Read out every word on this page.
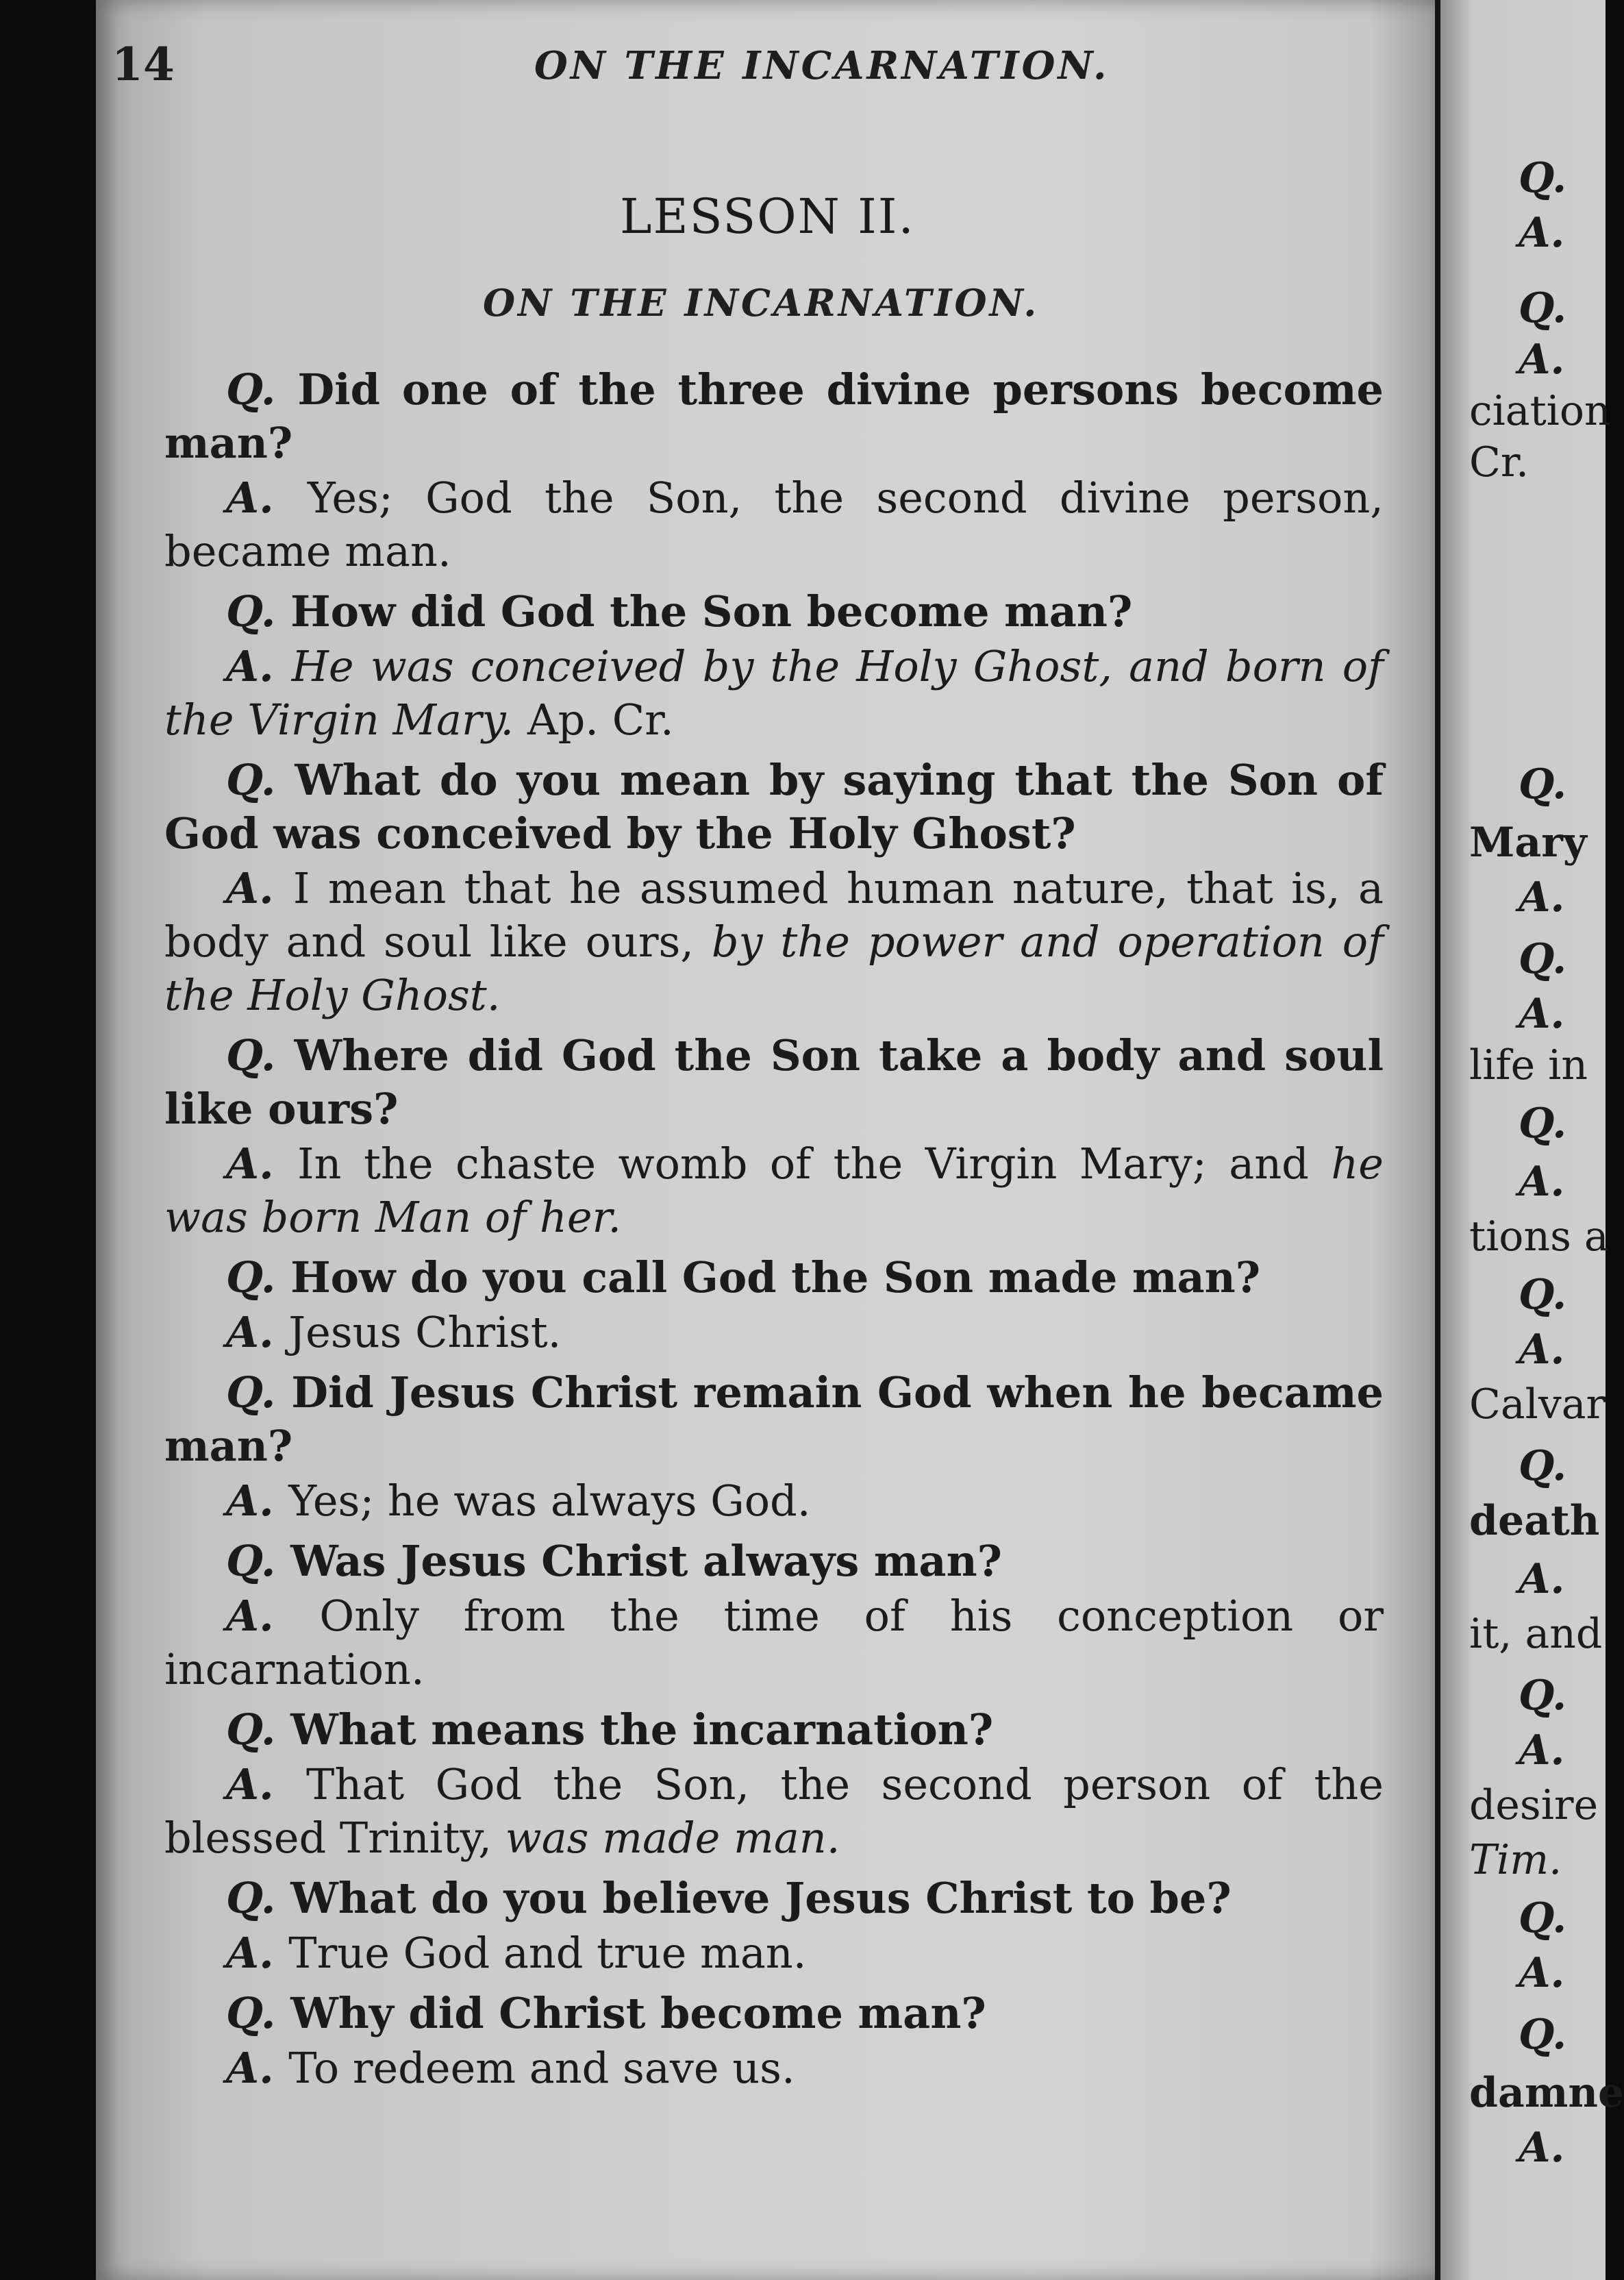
14	ON THE INCARNATION.
LESSON II.
ON THE INCARNATION.

Q. Did one of the three divine persons become man?

A. Yes; God the Son, the second divine person, became man.

Q. How did God the Son become man?

A. He was conceived by the Holy Ghost, and born of the Virgin Mary. Ap. Cr.

Q. What do you mean by saying that the Son of God was conceived by the Holy Ghost?

A. I mean that he assumed human nature, that is, a body and soul like ours, by the power and operation of the Holy Ghost.

Q. Where did God the Son take a body and soul like ours?

A. In the chaste womb of the Virgin Mary; and he was born Man of her.

Q. How do you call God the Son made man?

A. Jesus Christ.

Q. Did Jesus Christ remain God when he became man?

A. Yes; he was always God.

Q. Was Jesus Christ always man?

A. Only from the time of his conception or incarnation.

Q. What means the incarnation?

A. That God the Son, the second person of the blessed Trinity, was made man.

Q. What do you believe Jesus Christ to be?

A. True God and true man.

Q. Why did Christ become man?

A. To redeem and save us.

Q.
A.
Q.
A.
ciation
Cr.
Q.
Mary
A.
Q.
A.
life in
Q.
A.
tions a
Q.
A.
Calvar
Q.
death
A.
it, and
Q.
A.
desire
Tim.
Q.
A.
Q.
damne
A.
